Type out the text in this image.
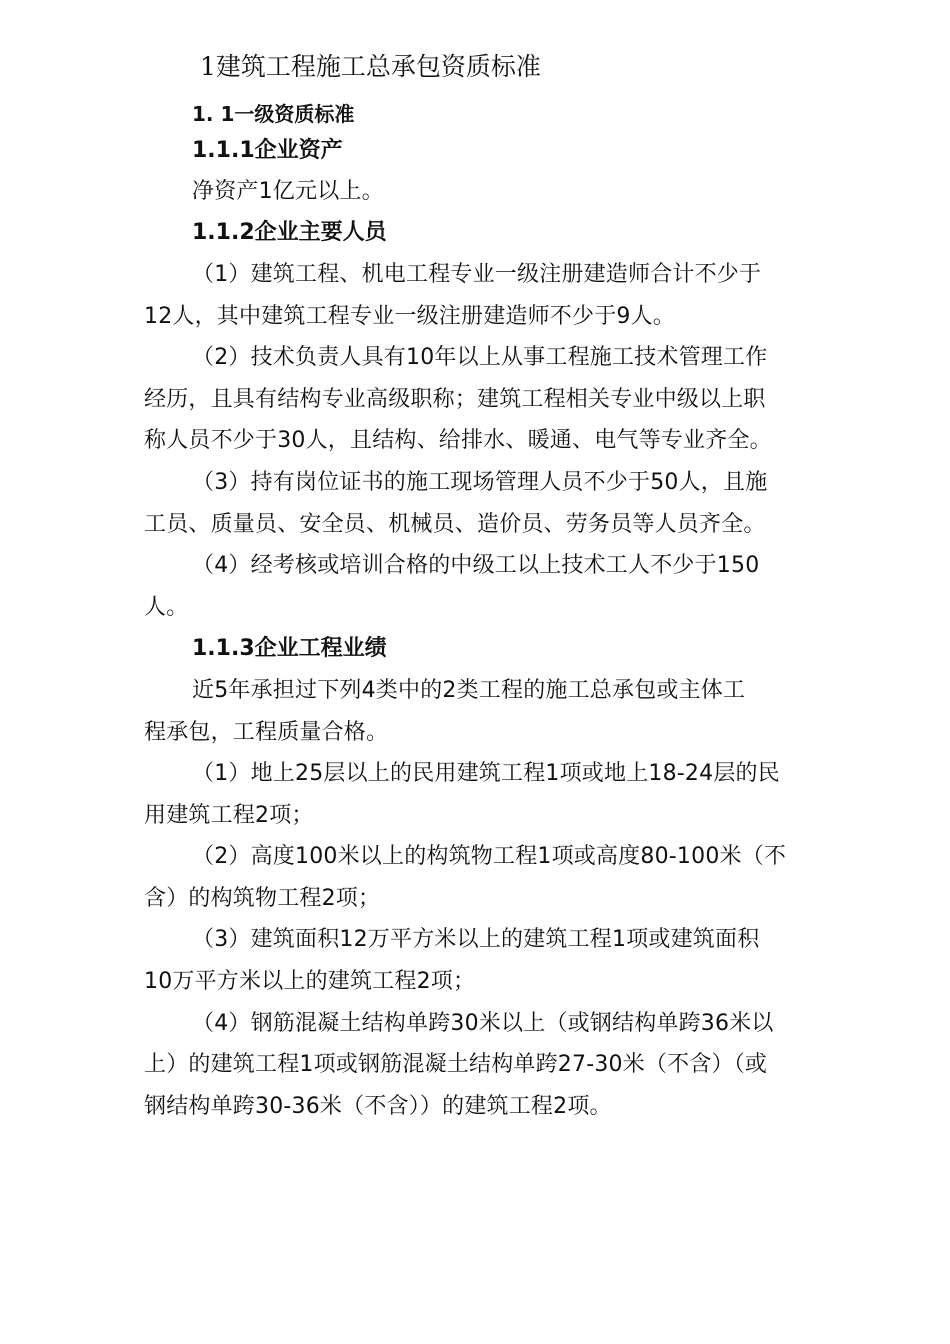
1建筑工程施工总承包资质标准
1. 1一级资质标准
1.1.1企业资产
净资产1亿元以上。
1.1.2企业主要人员
（1）建筑工程、机电工程专业一级注册建造师合计不少于
12人，其中建筑工程专业一级注册建造师不少于9人。
（2）技术负责人具有10年以上从事工程施工技术管理工作
经历，且具有结构专业高级职称；建筑工程相关专业中级以上职
称人员不少于30人，且结构、给排水、暖通、电气等专业齐全。
（3）持有岗位证书的施工现场管理人员不少于50人，且施
工员、质量员、安全员、机械员、造价员、劳务员等人员齐全。
（4）经考核或培训合格的中级工以上技术工人不少于150
人。
1.1.3企业工程业绩
近5年承担过下列4类中的2类工程的施工总承包或主体工
程承包，工程质量合格。
（1）地上25层以上的民用建筑工程1项或地上18-24层的民
用建筑工程2项；
（2）高度100米以上的构筑物工程1项或高度80-100米（不
含）的构筑物工程2项；
（3）建筑面积12万平方米以上的建筑工程1项或建筑面积
10万平方米以上的建筑工程2项；
（4）钢筋混凝土结构单跨30米以上（或钢结构单跨36米以
上）的建筑工程1项或钢筋混凝土结构单跨27-30米（不含）（或
钢结构单跨30-36米（不含））的建筑工程2项。
